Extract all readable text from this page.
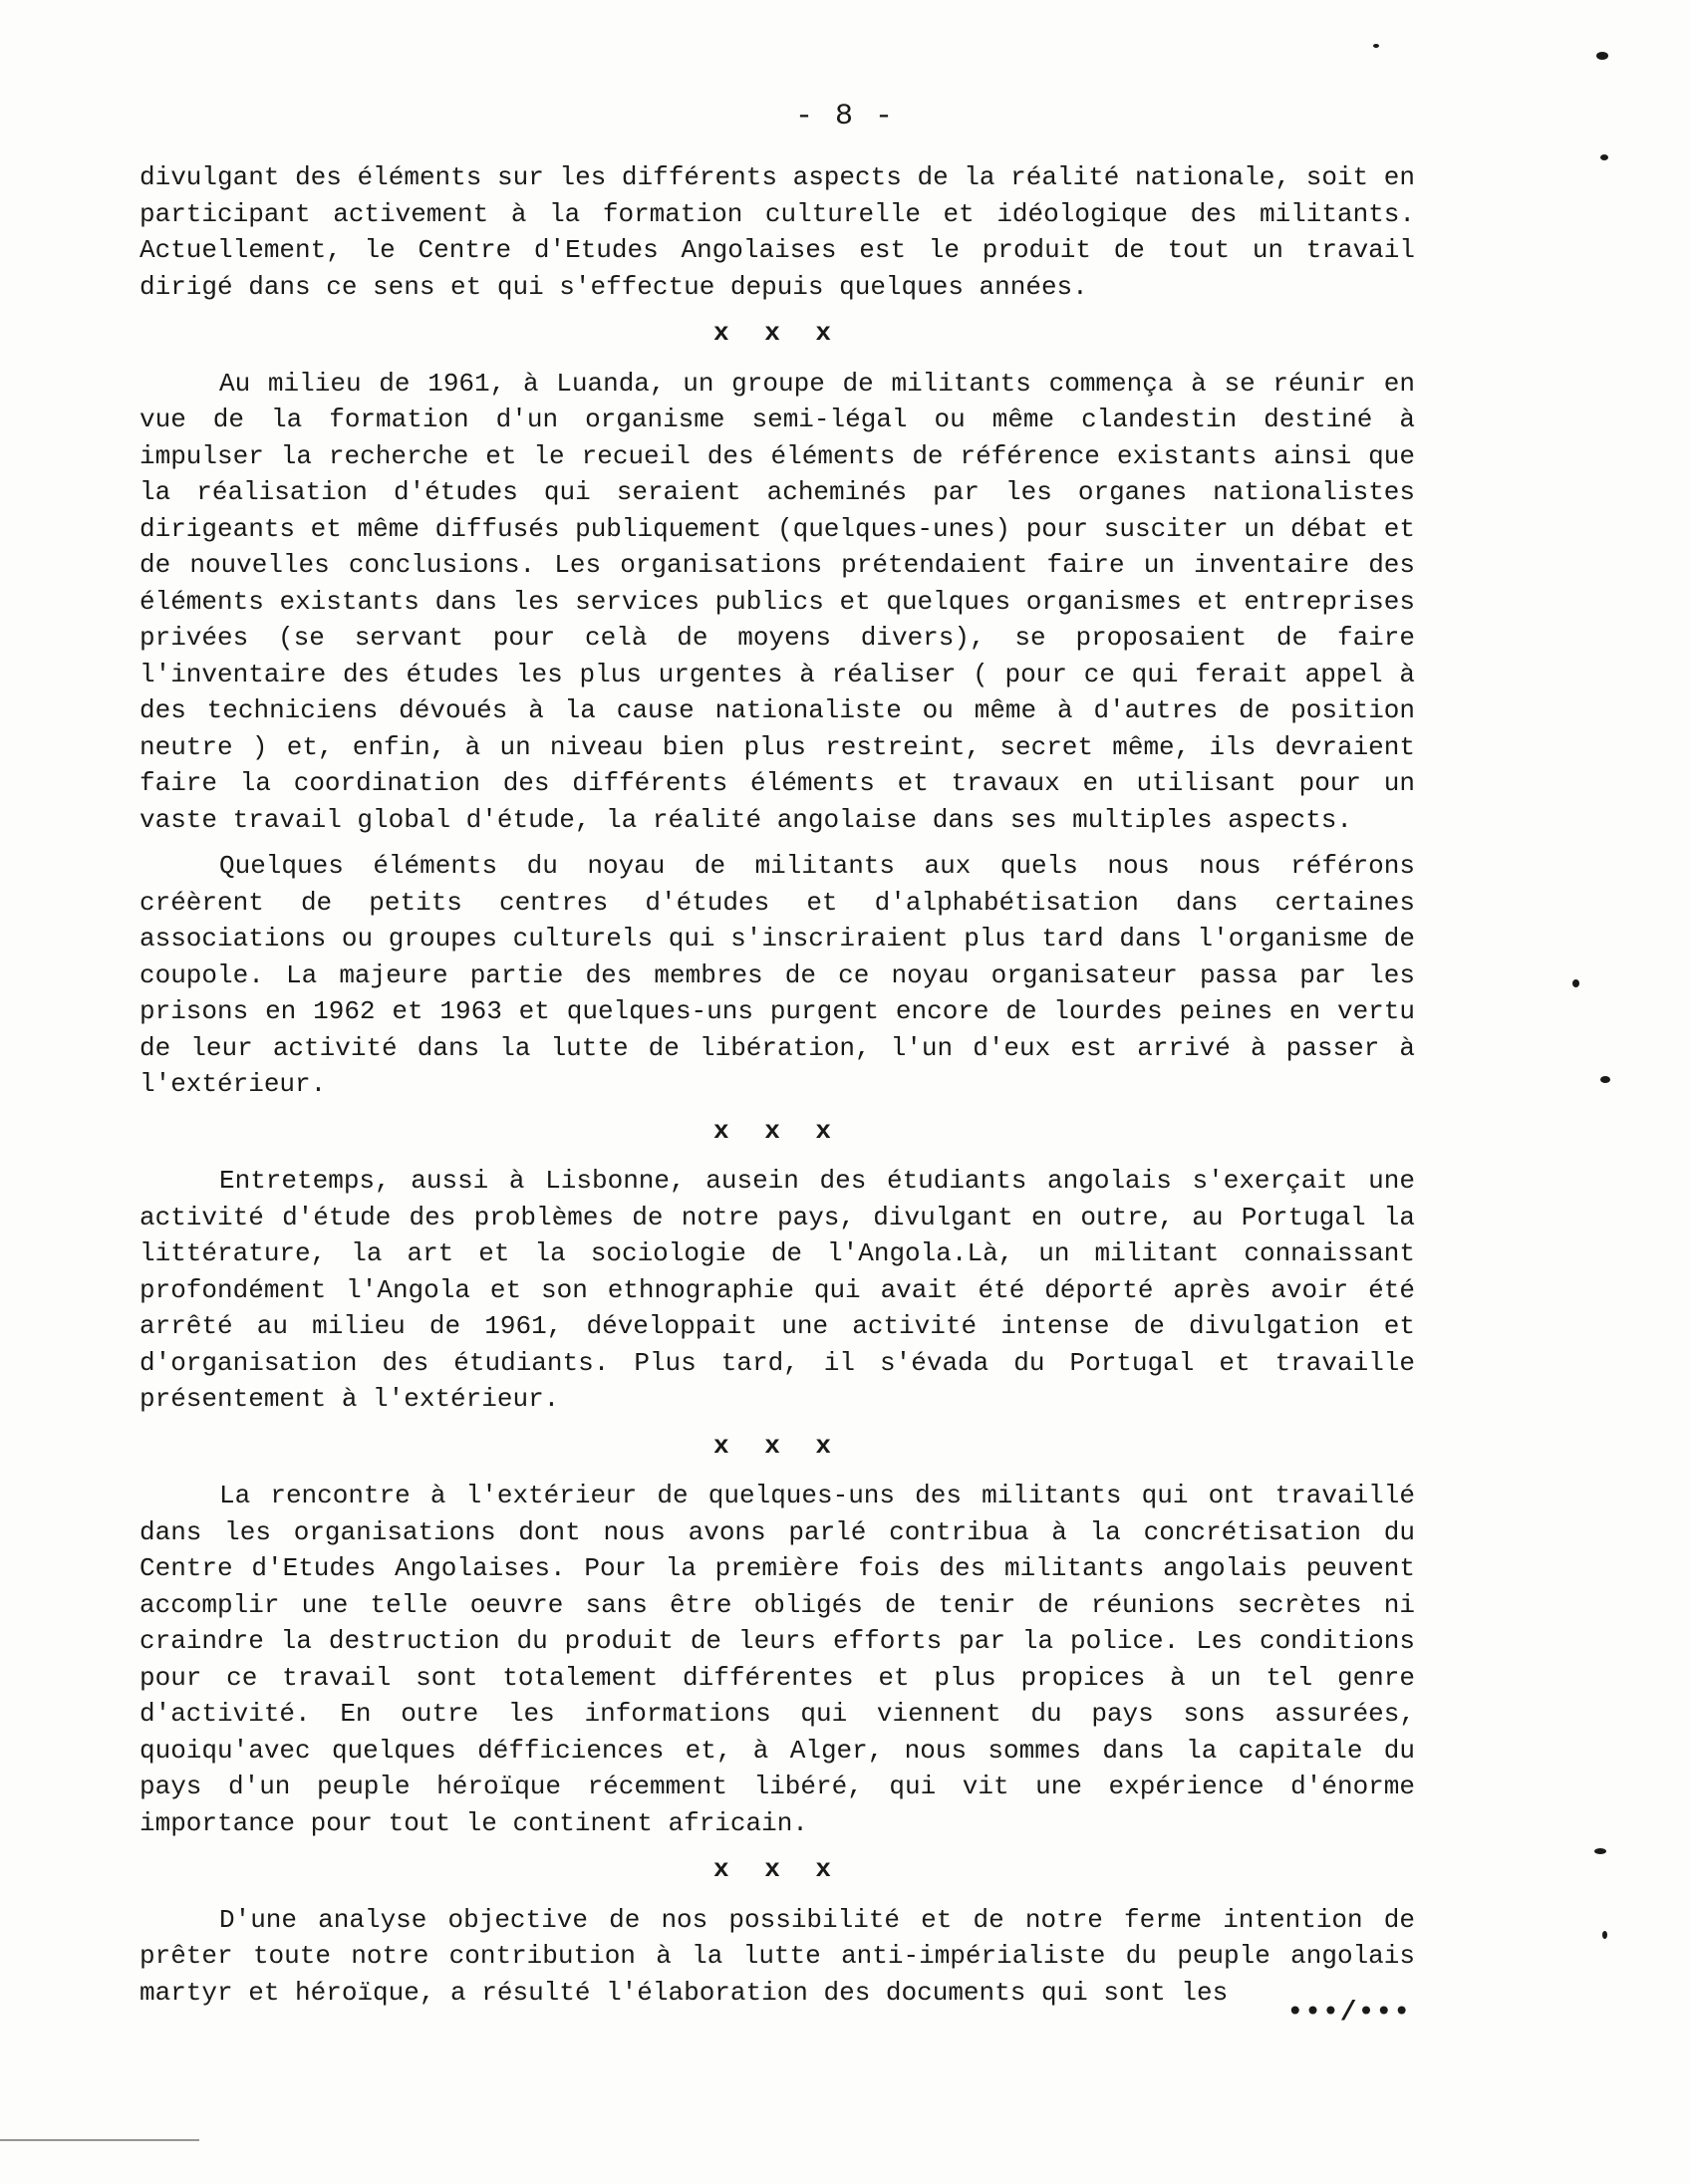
- 8 -

divulgant des éléments sur les différents aspects de la réalité nationale, soit en participant activement à la formation culturelle et idéologique des militants. Actuellement, le Centre d'Etudes Angolaises est le produit de tout un travail dirigé dans ce sens et qui s'effectue depuis quelques années.

x x x

Au milieu de 1961, à Luanda, un groupe de militants commença à se réunir en vue de la formation d'un organisme semi-légal ou même clandestin destiné à impulser la recherche et le recueil des éléments de référence existants ainsi que la réalisation d'études qui seraient acheminés par les organes nationalistes dirigeants et même diffusés publiquement (quelques-unes) pour susciter un débat et de nouvelles conclusions. Les organisations prétendaient faire un inventaire des éléments existants dans les services publics et quelques organismes et entreprises privées (se servant pour celà de moyens divers), se proposaient de faire l'inventaire des études les plus urgentes à réaliser ( pour ce qui ferait appel à des techniciens dévoués à la cause nationaliste ou même à d'autres de position neutre ) et, enfin, à un niveau bien plus restreint, secret même, ils devraient faire la coordination des différents éléments et travaux en utilisant pour un vaste travail global d'étude, la réalité angolaise dans ses multiples aspects.

Quelques éléments du noyau de militants aux quels nous nous référons créèrent de petits centres d'études et d'alphabétisation dans certaines associations ou groupes culturels qui s'inscriraient plus tard dans l'organisme de coupole. La majeure partie des membres de ce noyau organisateur passa par les prisons en 1962 et 1963 et quelques-uns purgent encore de lourdes peines en vertu de leur activité dans la lutte de libération, l'un d'eux est arrivé à passer à l'extérieur.

x x x

Entretemps, aussi à Lisbonne, ausein des étudiants angolais s'exerçait une activité d'étude des problèmes de notre pays, divulgant en outre, au Portugal la littérature, la art et la sociologie de l'Angola.Là, un militant connaissant profondément l'Angola et son ethnographie qui avait été déporté après avoir été arrêté au milieu de 1961, développait une activité intense de divulgation et d'organisation des étudiants. Plus tard, il s'évada du Portugal et travaille présentement à l'extérieur.

x x x

La rencontre à l'extérieur de quelques-uns des militants qui ont travaillé dans les organisations dont nous avons parlé contribua à la concrétisation du Centre d'Etudes Angolaises. Pour la première fois des militants angolais peuvent accomplir une telle oeuvre sans être obligés de tenir de réunions secrètes ni craindre la destruction du produit de leurs efforts par la police. Les conditions pour ce travail sont totalement différentes et plus propices à un tel genre d'activité. En outre les informations qui viennent du pays sons assurées, quoiqu'avec quelques défficiences et, à Alger, nous sommes dans la capitale du pays d'un peuple héroïque récemment libéré, qui vit une expérience d'énorme importance pour tout le continent africain.

x x x

D'une analyse objective de nos possibilité et de notre ferme intention de prêter toute notre contribution à la lutte anti-impérialiste du peuple angolais martyr et héroïque, a résulté l'élaboration des documents qui sont les

•••/•••
